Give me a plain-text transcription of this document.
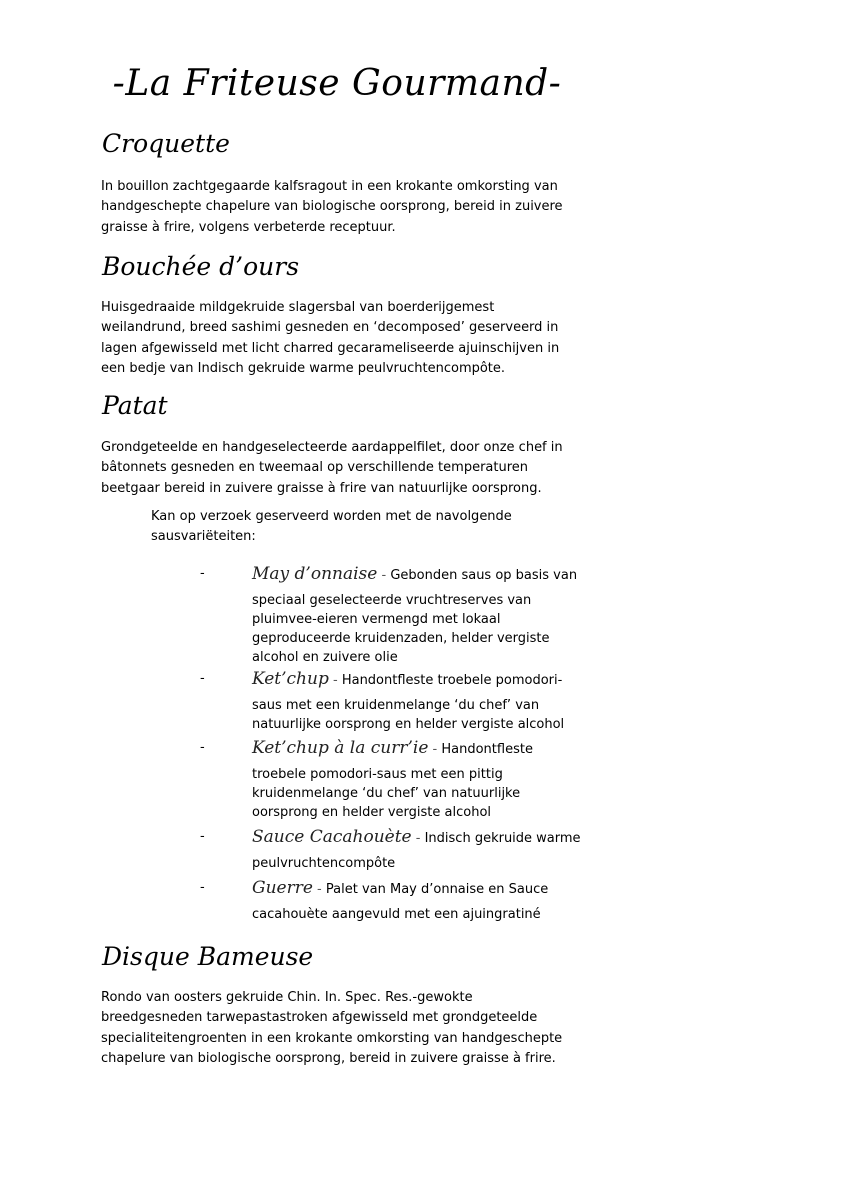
-La Friteuse Gourmand-
Croquette
In bouillon zachtgegaarde kalfsragout in een krokante omkorsting van
handgeschepte chapelure van biologische oorsprong, bereid in zuivere
graisse à frire, volgens verbeterde receptuur.
Bouchée d’ours
Huisgedraaide mildgekruide slagersbal van boerderijgemest
weilandrund, breed sashimi gesneden en ‘decomposed’ geserveerd in
lagen afgewisseld met licht charred gecarameliseerde ajuinschijven in
een bedje van Indisch gekruide warme peulvruchtencompôte.
Patat
Grondgeteelde en handgeselecteerde aardappelfilet, door onze chef in
bâtonnets gesneden en tweemaal op verschillende temperaturen
beetgaar bereid in zuivere graisse à frire van natuurlijke oorsprong.
Kan op verzoek geserveerd worden met de navolgende
sausvariëteiten:
-	May d’onnaise - Gebonden saus op basis van
speciaal geselecteerde vruchtreserves van
pluimvee-eieren vermengd met lokaal
geproduceerde kruidenzaden, helder vergiste
alcohol en zuivere olie
-	Ket’chup - Handontfleste troebele pomodori-
saus met een kruidenmelange ‘du chef’ van
natuurlijke oorsprong en helder vergiste alcohol
-	Ket’chup à la curr’ie - Handontfleste
troebele pomodori-saus met een pittig
kruidenmelange ‘du chef’ van natuurlijke
oorsprong en helder vergiste alcohol
-	Sauce Cacahouète - Indisch gekruide warme
peulvruchtencompôte
-	Guerre - Palet van May d’onnaise en Sauce
cacahouète aangevuld met een ajuingratiné
Disque Bameuse
Rondo van oosters gekruide Chin. In. Spec. Res.-gewokte
breedgesneden tarwepastastroken afgewisseld met grondgeteelde
specialiteitengroenten in een krokante omkorsting van handgeschepte
chapelure van biologische oorsprong, bereid in zuivere graisse à frire.
